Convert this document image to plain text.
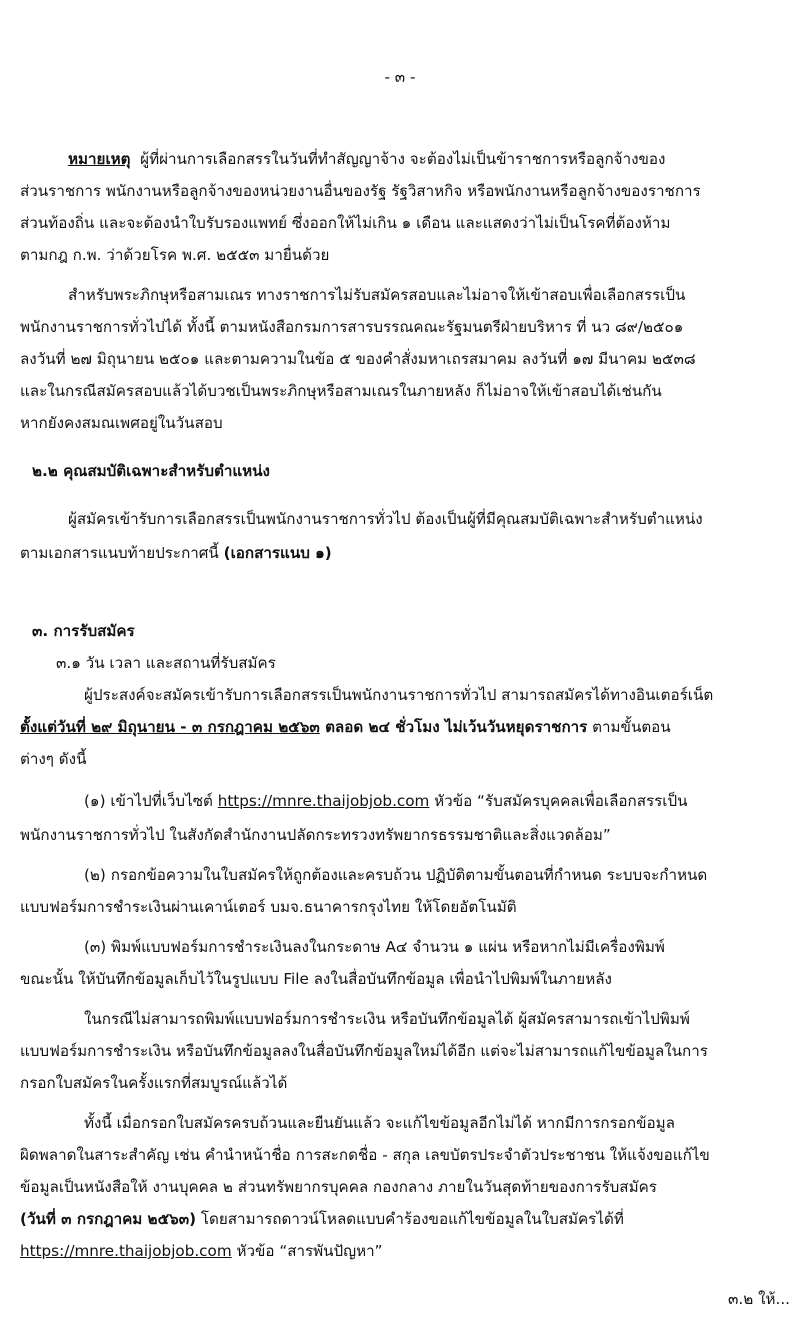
- ๓ -
หมายเหตุ ผู้ที่ผ่านการเลือกสรรในวันที่ทำสัญญาจ้าง จะต้องไม่เป็นข้าราชการหรือลูกจ้างของ
ส่วนราชการ พนักงานหรือลูกจ้างของหน่วยงานอื่นของรัฐ รัฐวิสาหกิจ หรือพนักงานหรือลูกจ้างของราชการ
ส่วนท้องถิ่น และจะต้องนำใบรับรองแพทย์ ซึ่งออกให้ไม่เกิน ๑ เดือน และแสดงว่าไม่เป็นโรคที่ต้องห้าม
ตามกฎ ก.พ. ว่าด้วยโรค พ.ศ. ๒๕๕๓ มายื่นด้วย
สำหรับพระภิกษุหรือสามเณร ทางราชการไม่รับสมัครสอบและไม่อาจให้เข้าสอบเพื่อเลือกสรรเป็น
พนักงานราชการทั่วไปได้ ทั้งนี้ ตามหนังสือกรมการสารบรรณคณะรัฐมนตรีฝ่ายบริหาร ที่ นว ๘๙/๒๕๐๑
ลงวันที่ ๒๗ มิถุนายน ๒๕๐๑ และตามความในข้อ ๕ ของคำสั่งมหาเถรสมาคม ลงวันที่ ๑๗ มีนาคม ๒๕๓๘
และในกรณีสมัครสอบแล้วได้บวชเป็นพระภิกษุหรือสามเณรในภายหลัง ก็ไม่อาจให้เข้าสอบได้เช่นกัน
หากยังคงสมณเพศอยู่ในวันสอบ
๒.๒ คุณสมบัติเฉพาะสำหรับตำแหน่ง
ผู้สมัครเข้ารับการเลือกสรรเป็นพนักงานราชการทั่วไป ต้องเป็นผู้ที่มีคุณสมบัติเฉพาะสำหรับตำแหน่ง
ตามเอกสารแนบท้ายประกาศนี้ (เอกสารแนบ ๑)
๓. การรับสมัคร
๓.๑ วัน เวลา และสถานที่รับสมัคร
ผู้ประสงค์จะสมัครเข้ารับการเลือกสรรเป็นพนักงานราชการทั่วไป สามารถสมัครได้ทางอินเตอร์เน็ต
ตั้งแต่วันที่ ๒๙ มิถุนายน - ๓ กรกฎาคม ๒๕๖๓ ตลอด ๒๔ ชั่วโมง ไม่เว้นวันหยุดราชการ ตามขั้นตอน
ต่างๆ ดังนี้
(๑) เข้าไปที่เว็บไซต์ https://mnre.thaijobjob.com หัวข้อ “รับสมัครบุคคลเพื่อเลือกสรรเป็น
พนักงานราชการทั่วไป ในสังกัดสำนักงานปลัดกระทรวงทรัพยากรธรรมชาติและสิ่งแวดล้อม”
(๒) กรอกข้อความในใบสมัครให้ถูกต้องและครบถ้วน ปฏิบัติตามขั้นตอนที่กำหนด ระบบจะกำหนด
แบบฟอร์มการชำระเงินผ่านเคาน์เตอร์ บมจ.ธนาคารกรุงไทย ให้โดยอัตโนมัติ
(๓) พิมพ์แบบฟอร์มการชำระเงินลงในกระดาษ A๔ จำนวน ๑ แผ่น หรือหากไม่มีเครื่องพิมพ์
ขณะนั้น ให้บันทึกข้อมูลเก็บไว้ในรูปแบบ File ลงในสื่อบันทึกข้อมูล เพื่อนำไปพิมพ์ในภายหลัง
ในกรณีไม่สามารถพิมพ์แบบฟอร์มการชำระเงิน หรือบันทึกข้อมูลได้ ผู้สมัครสามารถเข้าไปพิมพ์
แบบฟอร์มการชำระเงิน หรือบันทึกข้อมูลลงในสื่อบันทึกข้อมูลใหม่ได้อีก แต่จะไม่สามารถแก้ไขข้อมูลในการ
กรอกใบสมัครในครั้งแรกที่สมบูรณ์แล้วได้
ทั้งนี้ เมื่อกรอกใบสมัครครบถ้วนและยืนยันแล้ว จะแก้ไขข้อมูลอีกไม่ได้ หากมีการกรอกข้อมูล
ผิดพลาดในสาระสำคัญ เช่น คำนำหน้าชื่อ การสะกดชื่อ - สกุล เลขบัตรประจำตัวประชาชน ให้แจ้งขอแก้ไข
ข้อมูลเป็นหนังสือให้ งานบุคคล ๒ ส่วนทรัพยากรบุคคล กองกลาง ภายในวันสุดท้ายของการรับสมัคร
(วันที่ ๓ กรกฎาคม ๒๕๖๓) โดยสามารถดาวน์โหลดแบบคำร้องขอแก้ไขข้อมูลในใบสมัครได้ที่
https://mnre.thaijobjob.com หัวข้อ “สารพันปัญหา”
๓.๒ ให้...
